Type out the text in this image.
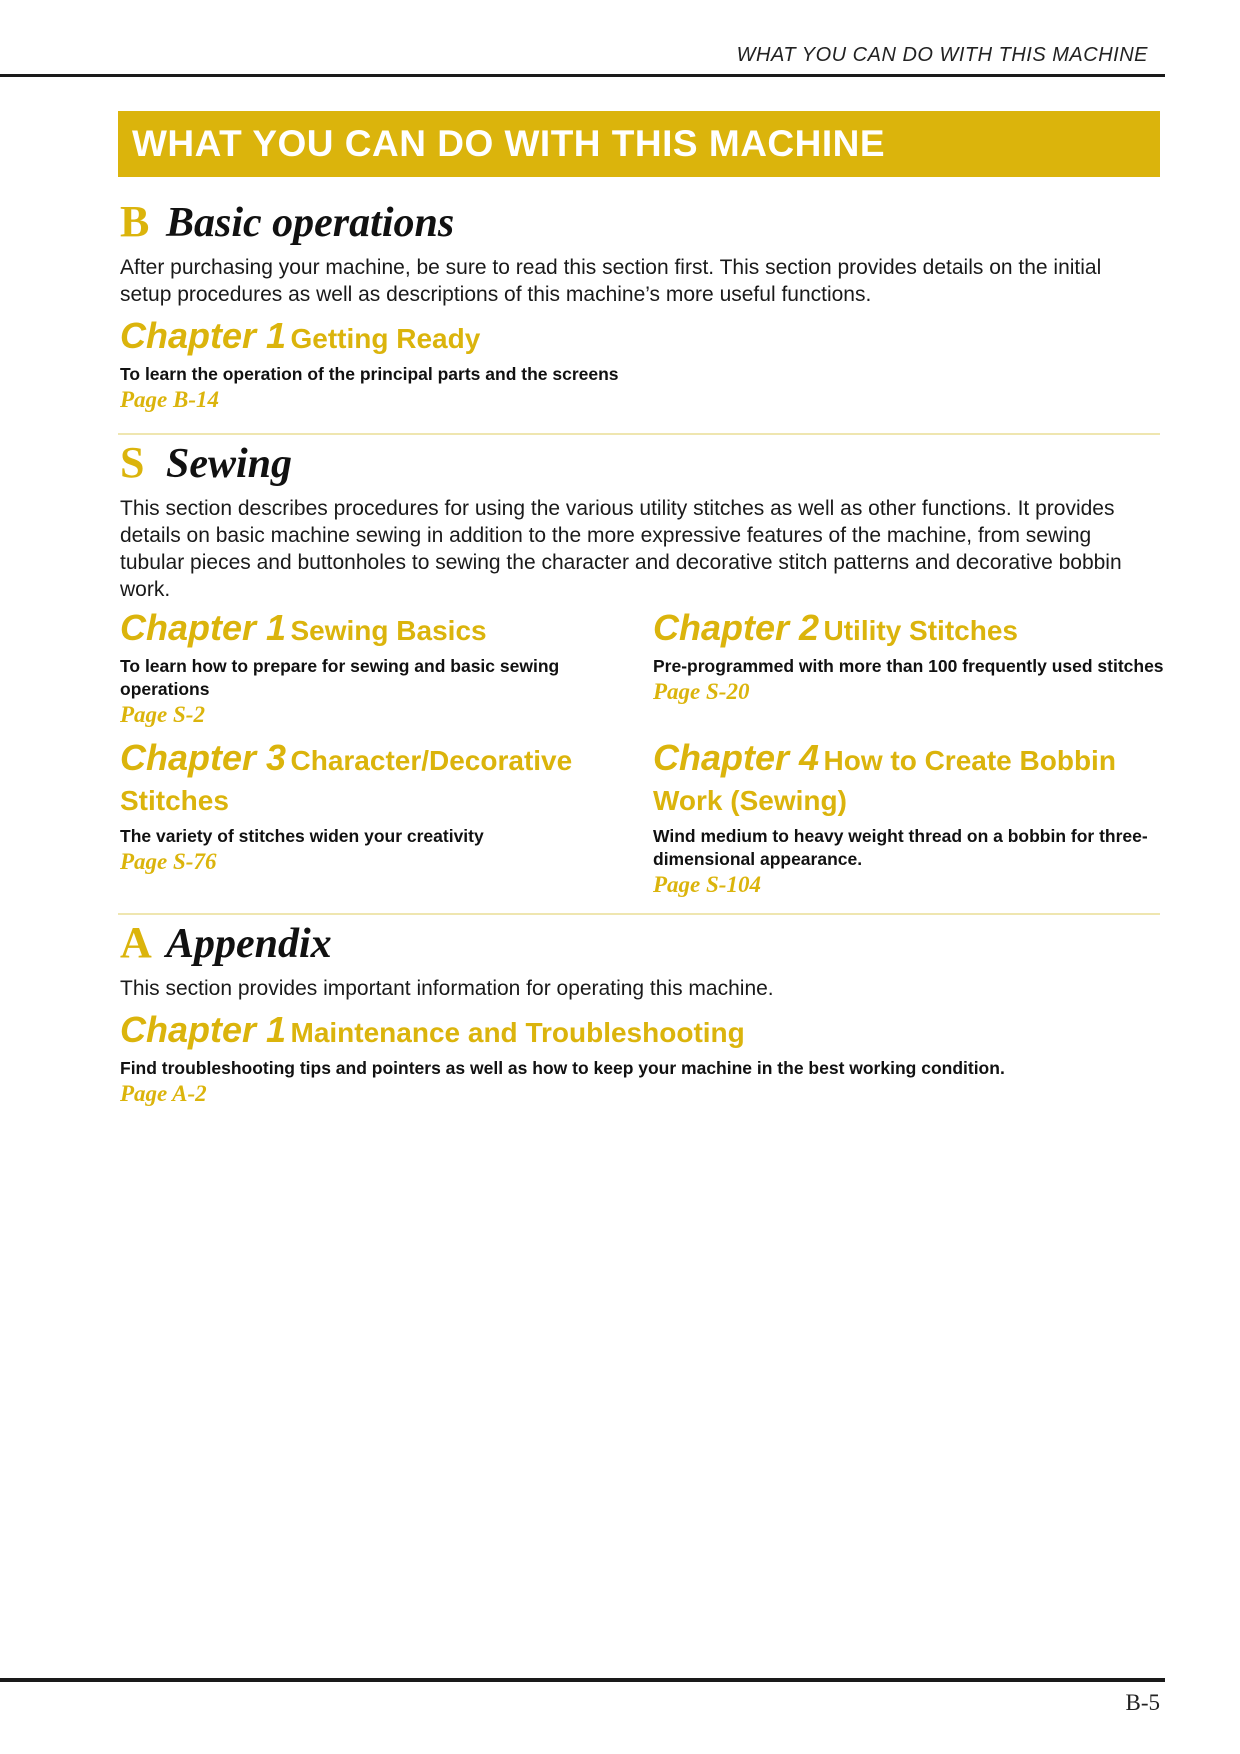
WHAT YOU CAN DO WITH THIS MACHINE
WHAT YOU CAN DO WITH THIS MACHINE
B Basic operations
After purchasing your machine, be sure to read this section first. This section provides details on the initial setup procedures as well as descriptions of this machine’s more useful functions.
Chapter 1 Getting Ready
To learn the operation of the principal parts and the screens
Page B-14
S Sewing
This section describes procedures for using the various utility stitches as well as other functions. It provides details on basic machine sewing in addition to the more expressive features of the machine, from sewing tubular pieces and buttonholes to sewing the character and decorative stitch patterns and decorative bobbin work.
Chapter 1 Sewing Basics
To learn how to prepare for sewing and basic sewing operations
Page S-2
Chapter 2 Utility Stitches
Pre-programmed with more than 100 frequently used stitches
Page S-20
Chapter 3 Character/Decorative Stitches
The variety of stitches widen your creativity
Page S-76
Chapter 4 How to Create Bobbin Work (Sewing)
Wind medium to heavy weight thread on a bobbin for three-dimensional appearance.
Page S-104
A Appendix
This section provides important information for operating this machine.
Chapter 1 Maintenance and Troubleshooting
Find troubleshooting tips and pointers as well as how to keep your machine in the best working condition.
Page A-2
B-5
